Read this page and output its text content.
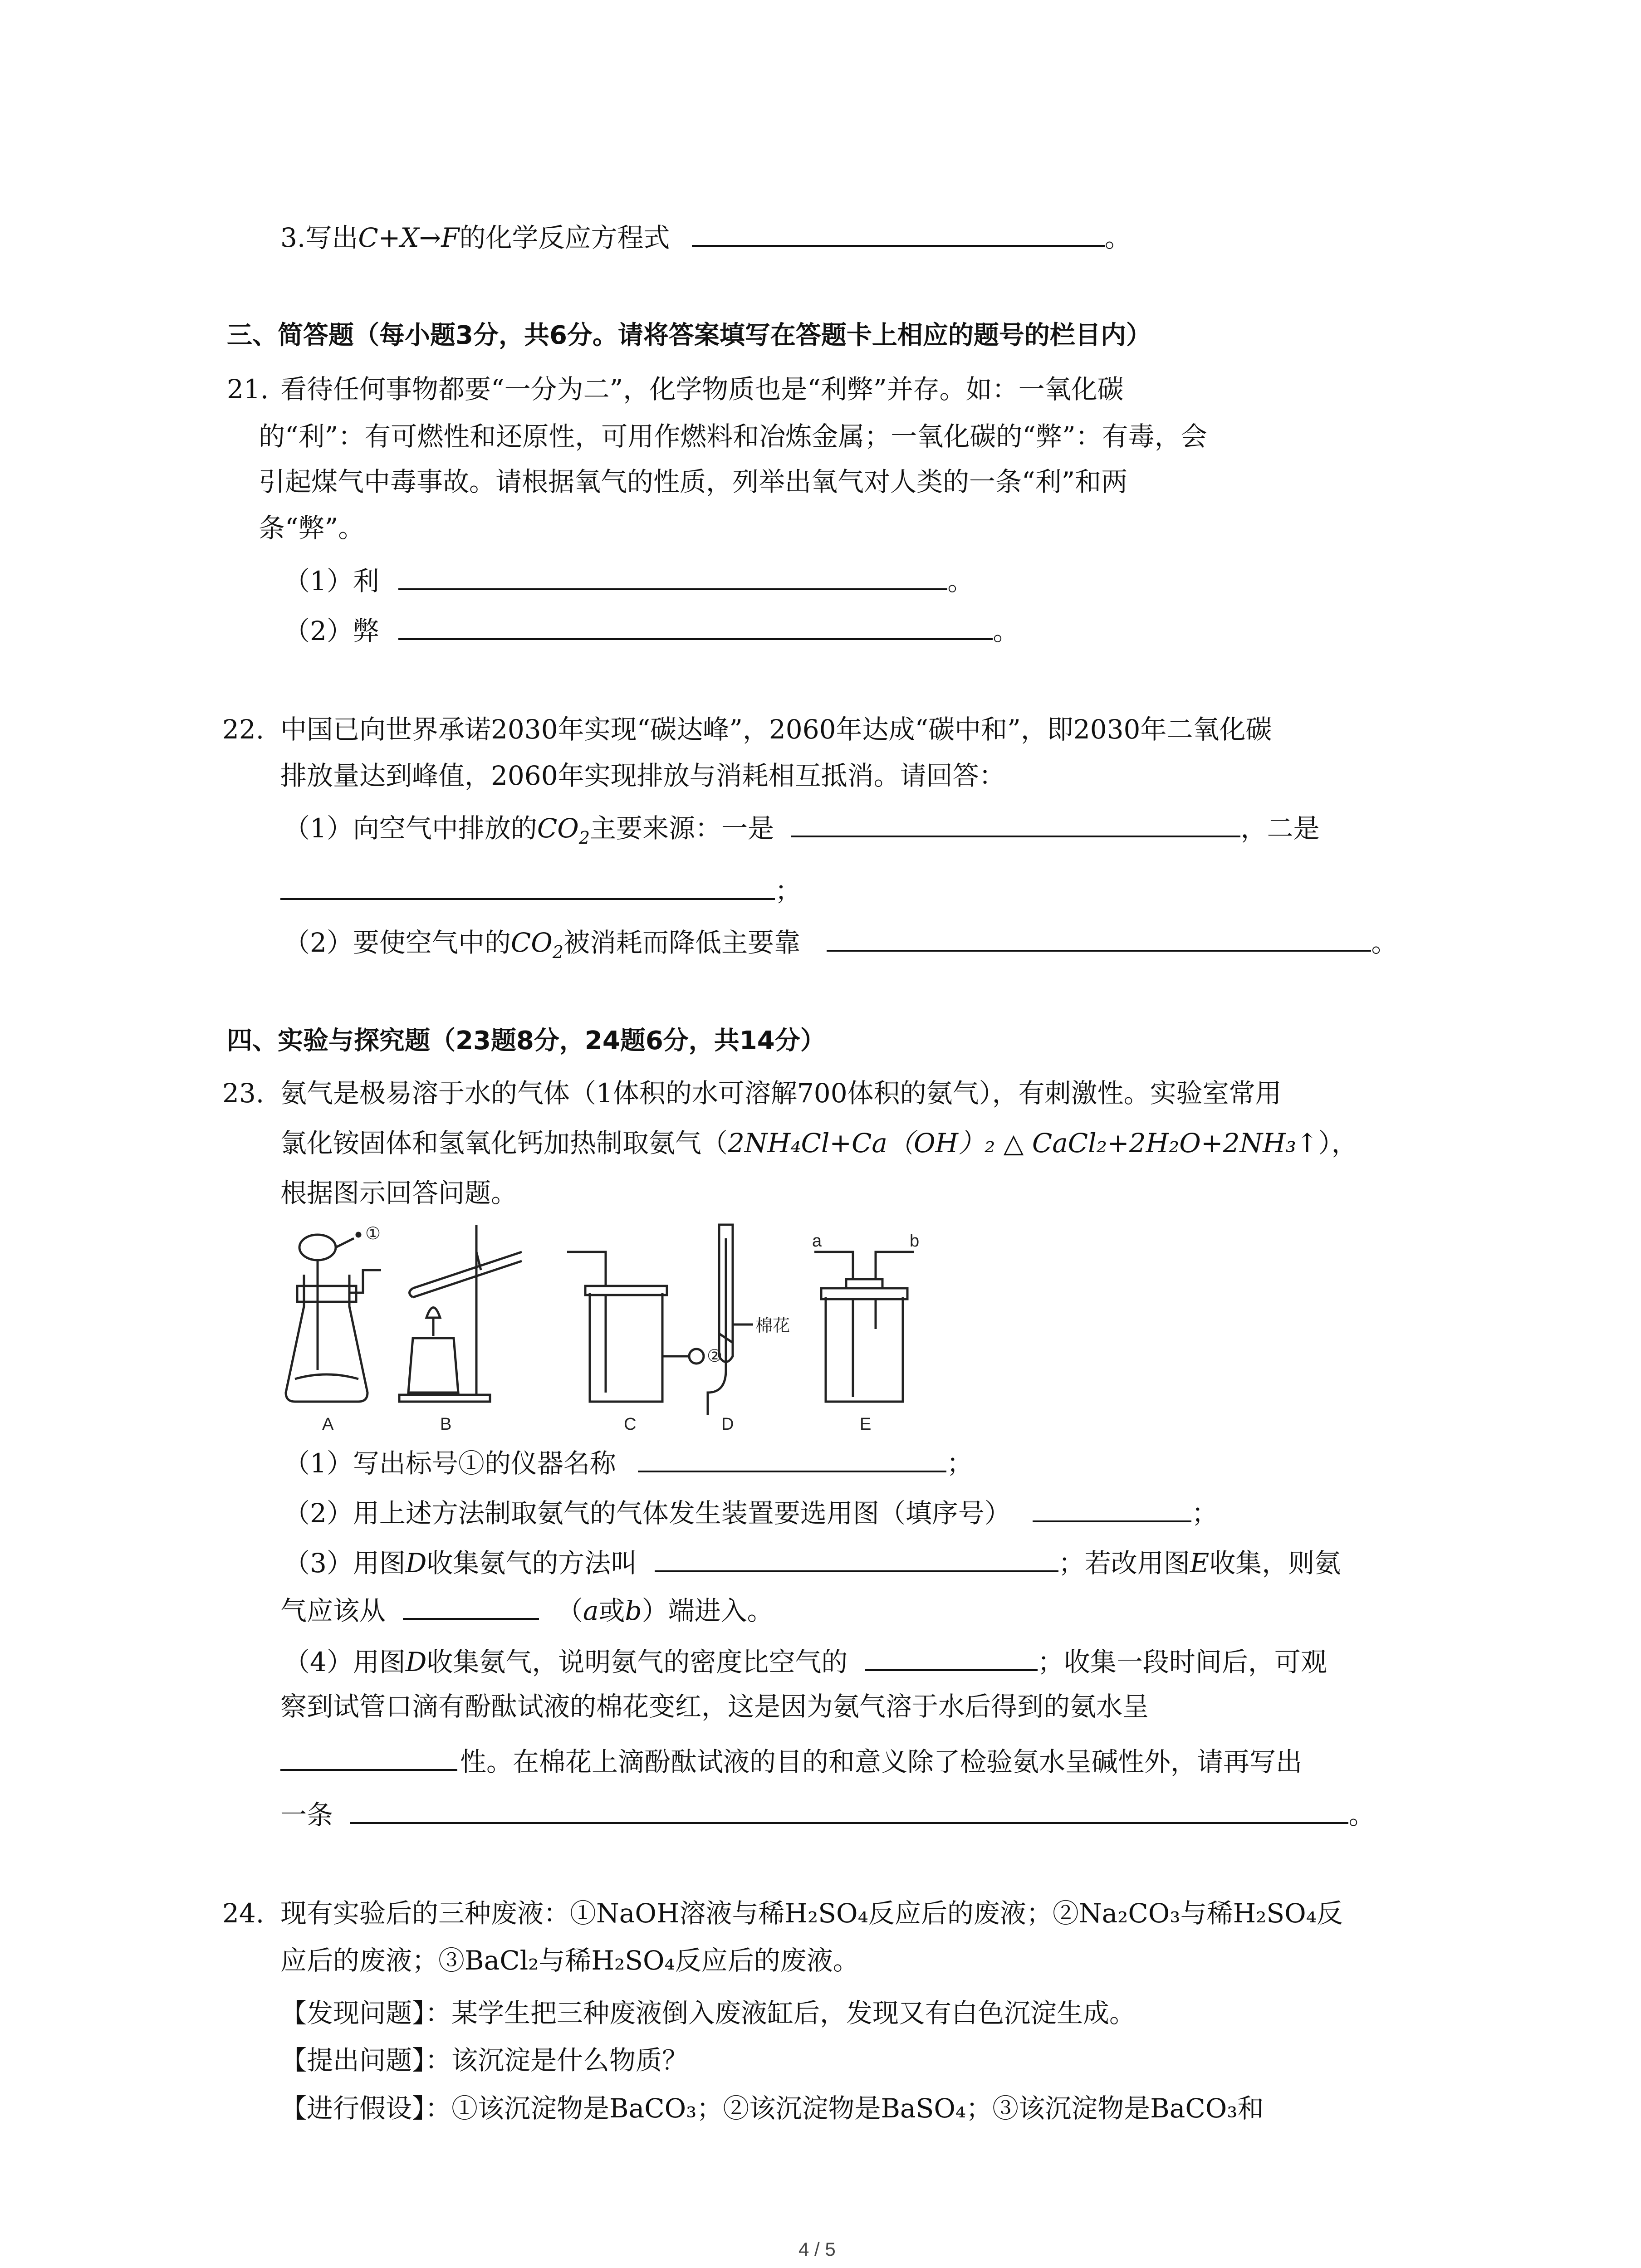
3.写出C+X→F的化学反应方程式	。
三、简答题（每小题3分，共6分。请将答案填写在答题卡上相应的题号的栏目内）
21. 看待任何事物都要“一分为二”，化学物质也是“利弊”并存。如：一氧化碳
的“利”：有可燃性和还原性，可用作燃料和冶炼金属；一氧化碳的“弊”：有毒，会
引起煤气中毒事故。请根据氧气的性质，列举出氧气对人类的一条“利”和两
条“弊”。
（1）利	。
（2）弊	。
22. 中国已向世界承诺2030年实现“碳达峰”，2060年达成“碳中和”，即2030年二氧化碳
排放量达到峰值，2060年实现排放与消耗相互抵消。请回答：
（1）向空气中排放的$CO_2$主要来源：一是	，二是
；
（2）要使空气中的$CO_2$被消耗而降低主要靠	。
四、实验与探究题（23题8分，24题6分，共14分）
23. 氨气是极易溶于水的气体（1体积的水可溶解700体积的氨气），有刺激性。实验室常用
氯化铵固体和氢氧化钙加热制取氨气（2NH₄Cl+Ca（OH）₂ △ CaCl₂+2H₂O+2NH₃↑），
根据图示回答问题。
①
②
棉花
a	b
A	B	C	D	E
（1）写出标号①的仪器名称	；
（2）用上述方法制取氨气的气体发生装置要选用图（填序号）	；
（3）用图D收集氨气的方法叫	；若改用图E收集，则氨
气应该从	（a或b）端进入。
（4）用图D收集氨气，说明氨气的密度比空气的	；收集一段时间后，可观
察到试管口滴有酚酞试液的棉花变红，这是因为氨气溶于水后得到的氨水呈
性。在棉花上滴酚酞试液的目的和意义除了检验氨水呈碱性外，请再写出
一条	。
24. 现有实验后的三种废液：①NaOH溶液与稀H₂SO₄反应后的废液；②Na₂CO₃与稀H₂SO₄反
应后的废液；③BaCl₂与稀H₂SO₄反应后的废液。
【发现问题】：某学生把三种废液倒入废液缸后，发现又有白色沉淀生成。
【提出问题】：该沉淀是什么物质？
【进行假设】：①该沉淀物是BaCO₃；②该沉淀物是BaSO₄；③该沉淀物是BaCO₃和
4 / 5
